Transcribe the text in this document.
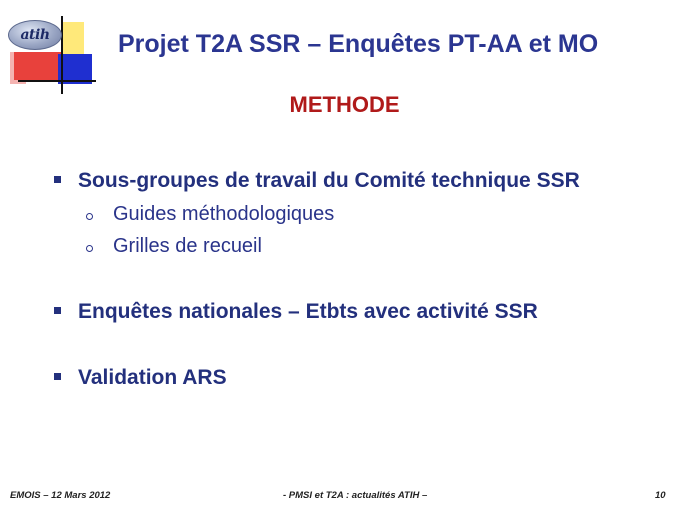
atih	Projet T2A SSR – Enquêtes PT-AA et MO
METHODE
Sous-groupes de travail du Comité technique SSR
Guides méthodologiques
Grilles de recueil
Enquêtes nationales – Etbts avec activité SSR
Validation ARS
EMOIS – 12 Mars 2012	- PMSI et T2A : actualités ATIH –	10
